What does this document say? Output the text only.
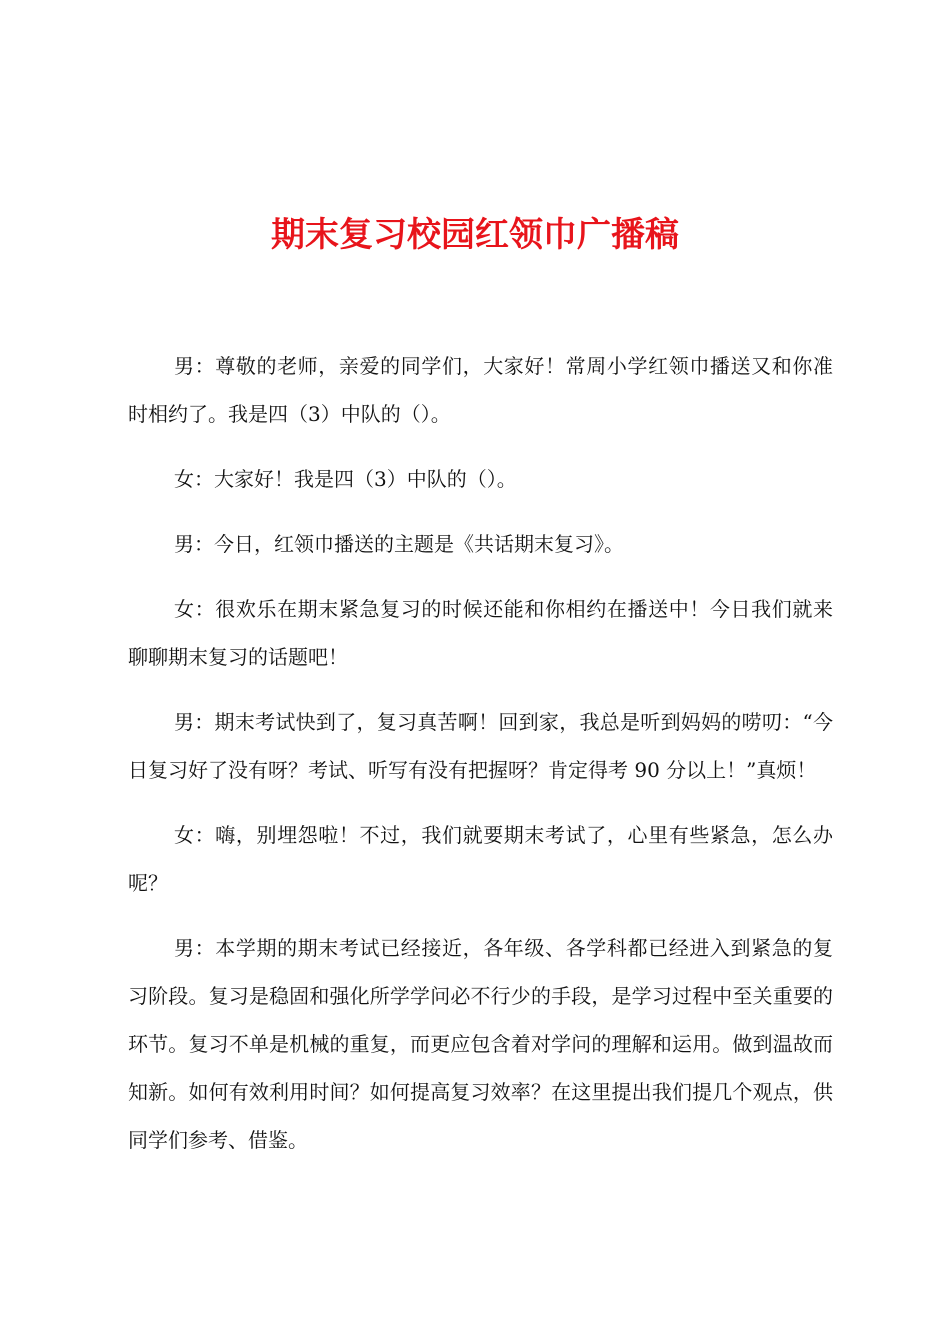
期末复习校园红领巾广播稿

男：尊敬的老师，亲爱的同学们，大家好！常周小学红领巾播送又和你准时相约了。我是四（3）中队的（）。

女：大家好！我是四（3）中队的（）。

男：今日，红领巾播送的主题是《共话期末复习》。

女：很欢乐在期末紧急复习的时候还能和你相约在播送中！今日我们就来聊聊期末复习的话题吧！

男：期末考试快到了，复习真苦啊！回到家，我总是听到妈妈的唠叨：“今日复习好了没有呀？考试、听写有没有把握呀？肯定得考 90 分以上！”真烦！

女：嗨，别埋怨啦！不过，我们就要期末考试了，心里有些紧急，怎么办呢？

男：本学期的期末考试已经接近，各年级、各学科都已经进入到紧急的复习阶段。复习是稳固和强化所学学问必不行少的手段，是学习过程中至关重要的环节。复习不单是机械的重复，而更应包含着对学问的理解和运用。做到温故而知新。如何有效利用时间？如何提高复习效率？在这里提出我们提几个观点，供同学们参考、借鉴。
